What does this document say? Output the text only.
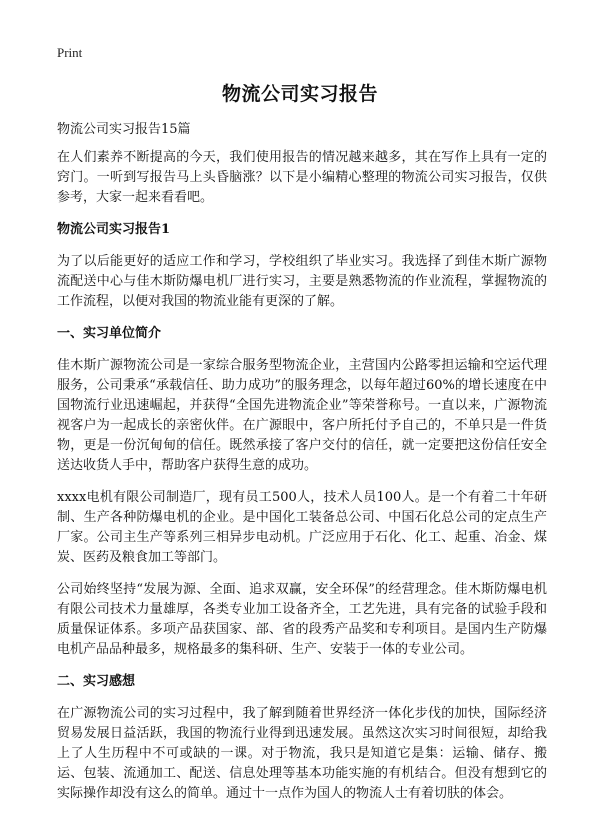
Print
物流公司实习报告
物流公司实习报告15篇

在人们素养不断提高的今天，我们使用报告的情况越来越多，其在写作上具有一定的窍门。一听到写报告马上头昏脑涨？以下是小编精心整理的物流公司实习报告，仅供参考，大家一起来看看吧。

物流公司实习报告1

为了以后能更好的适应工作和学习，学校组织了毕业实习。我选择了到佳木斯广源物流配送中心与佳木斯防爆电机厂进行实习，主要是熟悉物流的作业流程，掌握物流的工作流程，以便对我国的物流业能有更深的了解。

一、实习单位简介

佳木斯广源物流公司是一家综合服务型物流企业，主营国内公路零担运输和空运代理服务，公司秉承“承载信任、助力成功”的服务理念，以每年超过60%的增长速度在中国物流行业迅速崛起，并获得“全国先进物流企业”等荣誉称号。一直以来，广源物流视客户为一起成长的亲密伙伴。在广源眼中，客户所托付予自己的，不单只是一件货物，更是一份沉甸甸的信任。既然承接了客户交付的信任，就一定要把这份信任安全送达收货人手中，帮助客户获得生意的成功。

xxxx电机有限公司制造厂，现有员工500人，技术人员100人。是一个有着二十年研制、生产各种防爆电机的企业。是中国化工装备总公司、中国石化总公司的定点生产厂家。公司主生产等系列三相异步电动机。广泛应用于石化、化工、起重、冶金、煤炭、医药及粮食加工等部门。

公司始终坚持“发展为源、全面、追求双赢，安全环保”的经营理念。佳木斯防爆电机有限公司技术力量雄厚，各类专业加工设备齐全，工艺先进，具有完备的试验手段和质量保证体系。多项产品获国家、部、省的段秀产品奖和专利项目。是国内生产防爆电机产品品种最多，规格最多的集科研、生产、安装于一体的专业公司。

二、实习感想

在广源物流公司的实习过程中，我了解到随着世界经济一体化步伐的加快，国际经济贸易发展日益活跃，我国的物流行业得到迅速发展。虽然这次实习时间很短，却给我上了人生历程中不可或缺的一课。对于物流，我只是知道它是集：运输、储存、搬运、包装、流通加工、配送、信息处理等基本功能实施的有机结合。但没有想到它的实际操作却没有这么的简单。通过十一点作为国人的物流人士有着切肤的体会。
